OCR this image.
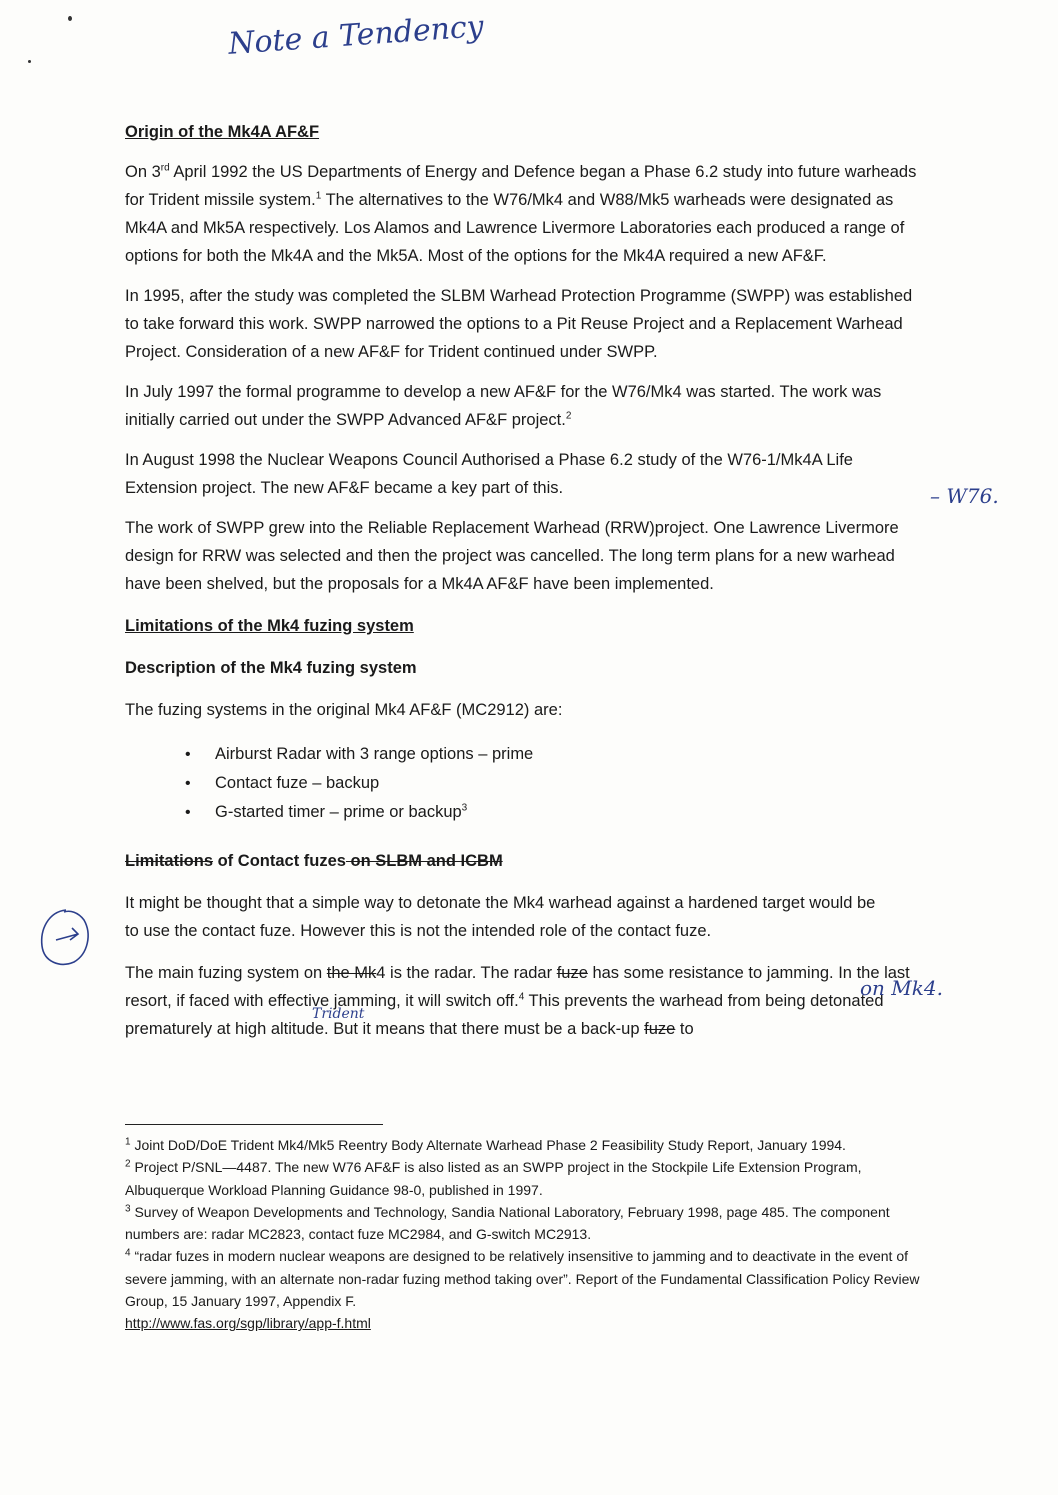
Note a Tendency

Origin of the Mk4A AF&F

On 3rd April 1992 the US Departments of Energy and Defence began a Phase 6.2 study into future warheads for Trident missile system.$^1$ The alternatives to the W76/Mk4 and W88/Mk5 warheads were designated as Mk4A and Mk5A respectively. Los Alamos and Lawrence Livermore Laboratories each produced a range of options for both the Mk4A and the Mk5A. Most of the options for the Mk4A required a new AF&F.

In 1995, after the study was completed the SLBM Warhead Protection Programme (SWPP) was established to take forward this work. SWPP narrowed the options to a Pit Reuse Project and a Replacement Warhead Project. Consideration of a new AF&F for Trident continued under SWPP.

In July 1997 the formal programme to develop a new AF&F for the W76/Mk4 was started. The work was initially carried out under the SWPP Advanced AF&F project.$^2$

In August 1998 the Nuclear Weapons Council Authorised a Phase 6.2 study of the W76-1/Mk4A Life Extension project. The new AF&F became a key part of this.

The work of SWPP grew into the Reliable Replacement Warhead (RRW)project. One Lawrence Livermore design for RRW was selected and then the project was cancelled. The long term plans for a new warhead have been shelved, but the proposals for a Mk4A AF&F have been implemented.

Limitations of the Mk4 fuzing system

Description of the Mk4 fuzing system

The fuzing systems in the original Mk4 AF&F (MC2912) are:

• Airburst Radar with 3 range options – prime
• Contact fuze – backup
• G-started timer – prime or backup$^3$

Limitations of Contact fuzes on SLBM and ICBM

It might be thought that a simple way to detonate the Mk4 warhead against a hardened target would be to use the contact fuze. However this is not the intended role of the contact fuze.

The main fuzing system on the Mk4 is the radar. The radar fuze has some resistance to jamming. In the last resort, if faced with effective jamming, it will switch off.$^4$ This prevents the warhead from being detonated prematurely at high altitude. But it means that there must be a back-up fuze to

– W76.
on Mk4.
Trident

$^1$ Joint DoD/DoE Trident Mk4/Mk5 Reentry Body Alternate Warhead Phase 2 Feasibility Study Report, January 1994.

$^2$ Project P/SNL—4487. The new W76 AF&F is also listed as an SWPP project in the Stockpile Life Extension Program, Albuquerque Workload Planning Guidance 98-0, published in 1997.

$^3$ Survey of Weapon Developments and Technology, Sandia National Laboratory, February 1998, page 485. The component numbers are: radar MC2823, contact fuze MC2984, and G-switch MC2913.

$^4$ “radar fuzes in modern nuclear weapons are designed to be relatively insensitive to jamming and to deactivate in the event of severe jamming, with an alternate non-radar fuzing method taking over”. Report of the Fundamental Classification Policy Review Group, 15 January 1997, Appendix F.

http://www.fas.org/sgp/library/app-f.html
